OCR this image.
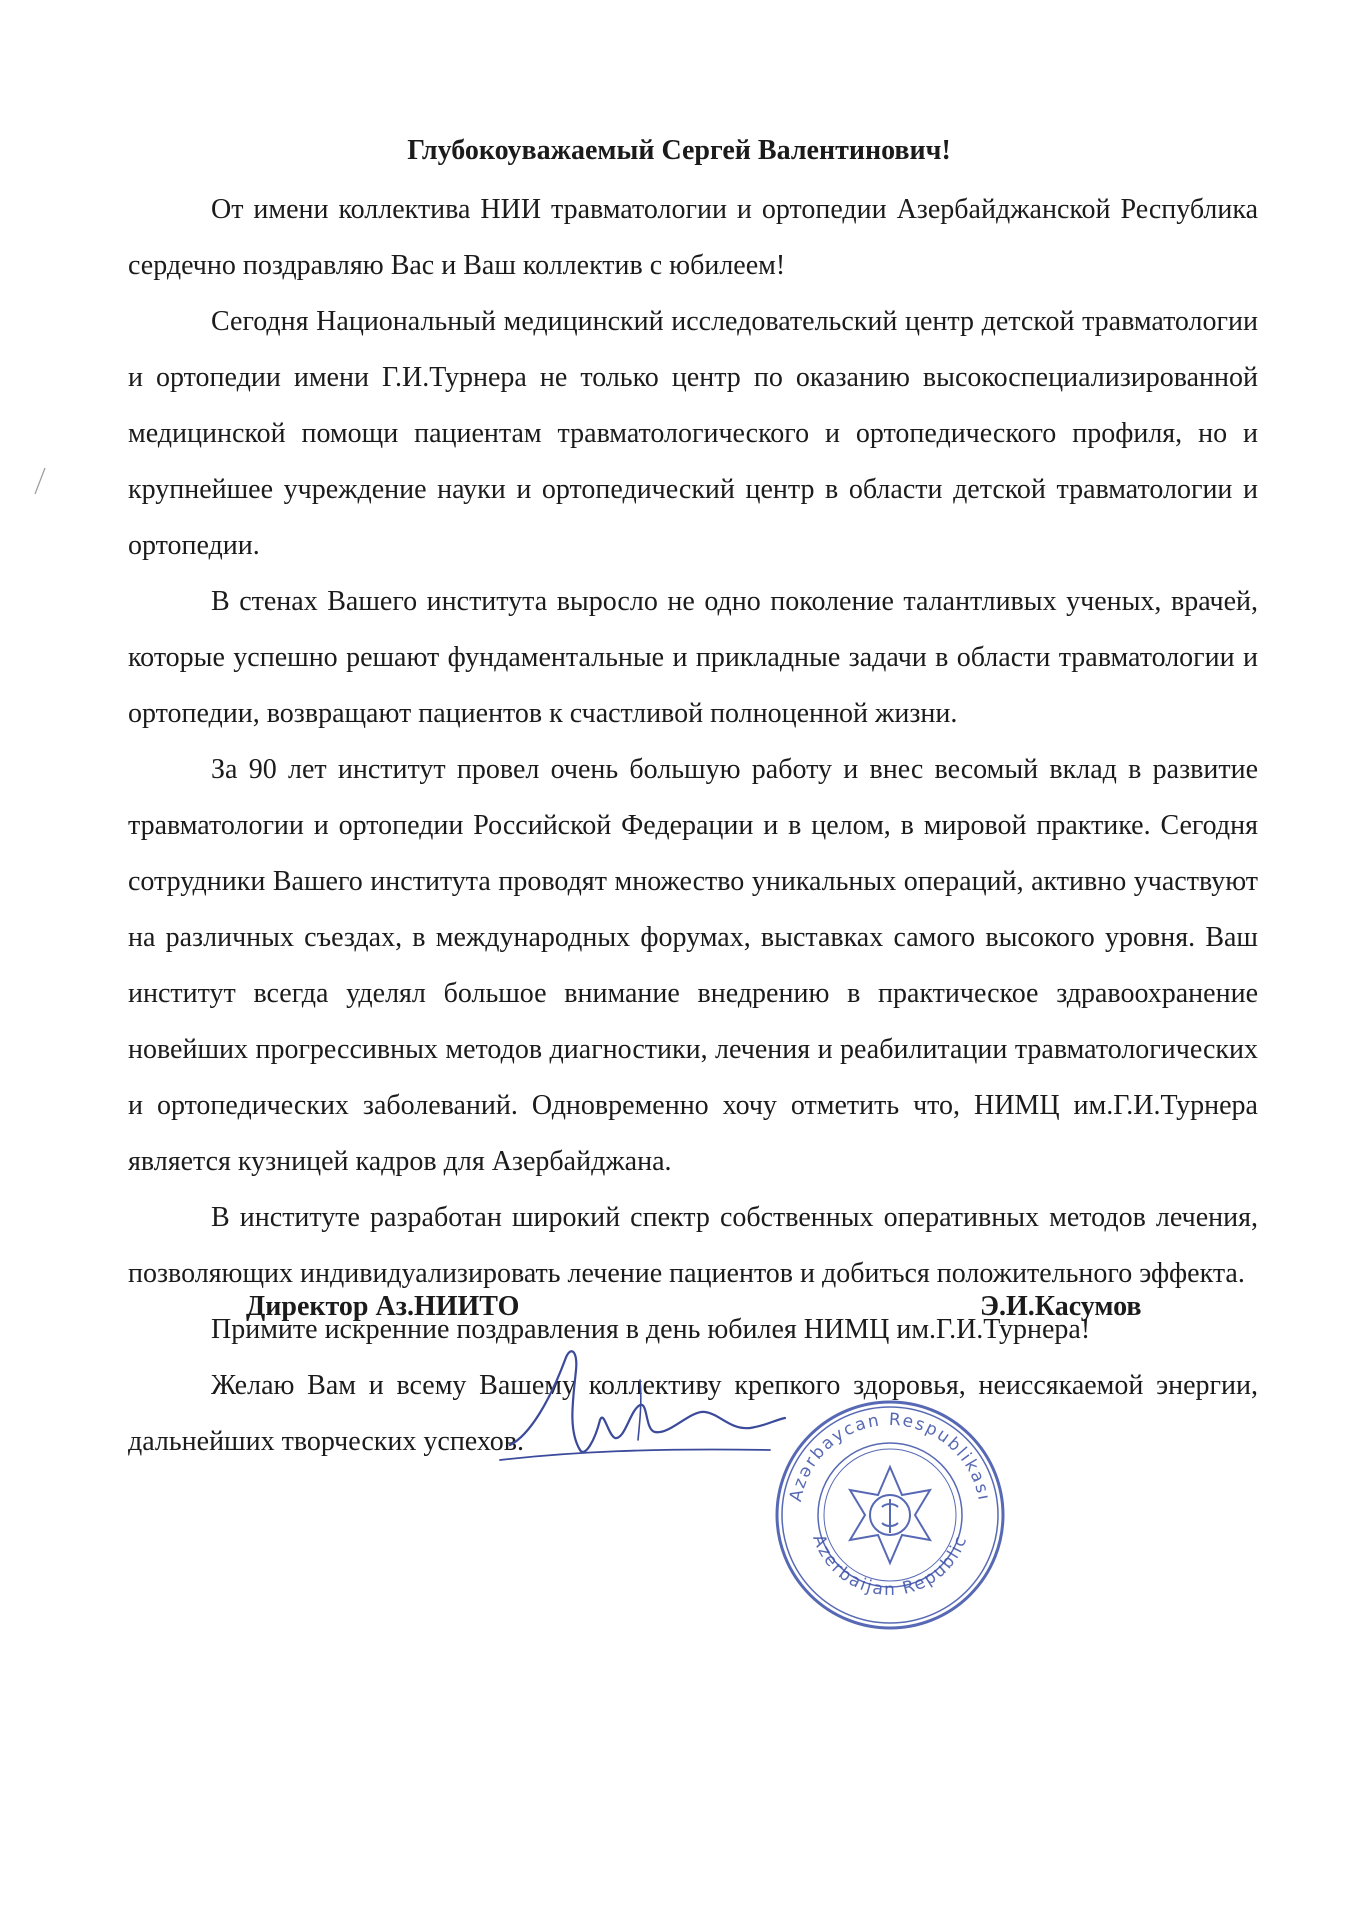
Глубокоуважаемый Сергей Валентинович!

От имени коллектива НИИ травматологии и ортопедии Азербайджанской Республика сердечно поздравляю Вас и Ваш коллектив с юбилеем!

Сегодня Национальный медицинский исследовательский центр детской травматологии и ортопедии имени Г.И.Турнера не только центр по оказанию высокоспециализированной медицинской помощи пациентам травматологического и ортопедического профиля, но и крупнейшее учреждение науки и ортопедический центр в области детской травматологии и ортопедии.

В стенах Вашего института выросло не одно поколение талантливых ученых, врачей, которые успешно решают фундаментальные и прикладные задачи в области травматологии и ортопедии, возвращают пациентов к счастливой полноценной жизни.

За 90 лет институт провел очень большую работу и внес весомый вклад в развитие травматологии и ортопедии Российской Федерации и в целом, в мировой практике. Сегодня сотрудники Вашего института проводят множество уникальных операций, активно участвуют на различных съездах, в международных форумах, выставках самого высокого уровня. Ваш институт всегда уделял большое внимание внедрению в практическое здравоохранение новейших прогрессивных методов диагностики, лечения и реабилитации травматологических и ортопедических заболеваний. Одновременно хочу отметить что, НИМЦ им.Г.И.Турнера является кузницей кадров для Азербайджана.

В институте разработан широкий спектр собственных оперативных методов лечения, позволяющих индивидуализировать лечение пациентов и добиться положительного эффекта.

Примите искренние поздравления в день юбилея НИМЦ им.Г.И.Турнера!

Желаю Вам и всему Вашему коллективу крепкого здоровья, неиссякаемой энергии, дальнейших творческих успехов.

Директор Аз.НИИТО	Э.И.Касумов
Azərbaycan Respublikası
Azerbaijan Republic
